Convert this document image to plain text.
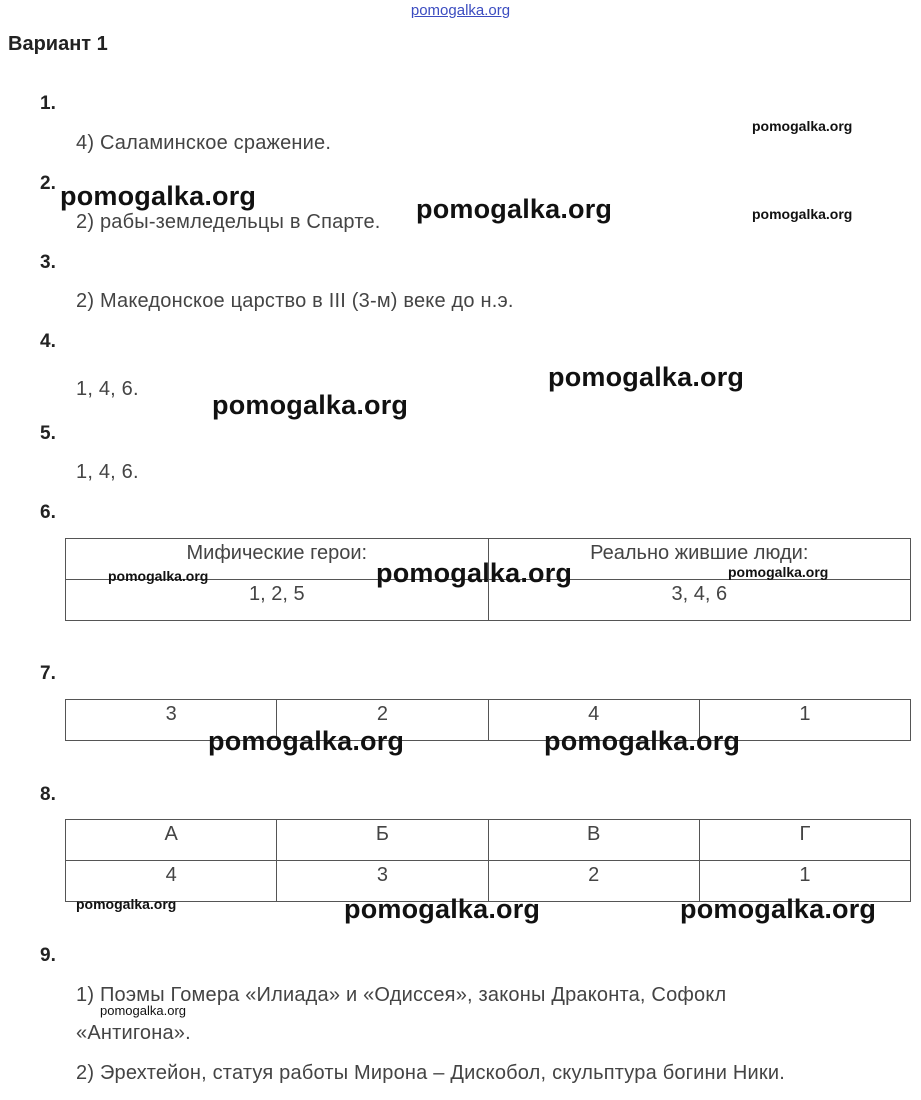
pomogalka.org
Вариант 1
1.
4) Саламинское сражение.
2.
2) рабы-земледельцы в Спарте.
3.
2) Македонское царство в III (3-м) веке до н.э.
4.
1, 4, 6.
5.
1, 4, 6.
6.
Мифические герои:	Реально жившие люди:
1, 2, 5	3, 4, 6
7.
3	2	4	1
8.
А	Б	В	Г
4	3	2	1
9.
1) Поэмы Гомера «Илиада» и «Одиссея», законы Драконта, Софокл
«Антигона».
2) Эрехтейон, статуя работы Мирона – Дискобол, скульптура богини Ники.
pomogalka.org
pomogalka.org	pomogalka.org	pomogalka.org
pomogalka.org
pomogalka.org
pomogalka.org	pomogalka.org	pomogalka.org
pomogalka.org	pomogalka.org
pomogalka.org	pomogalka.org	pomogalka.org
pomogalka.org
